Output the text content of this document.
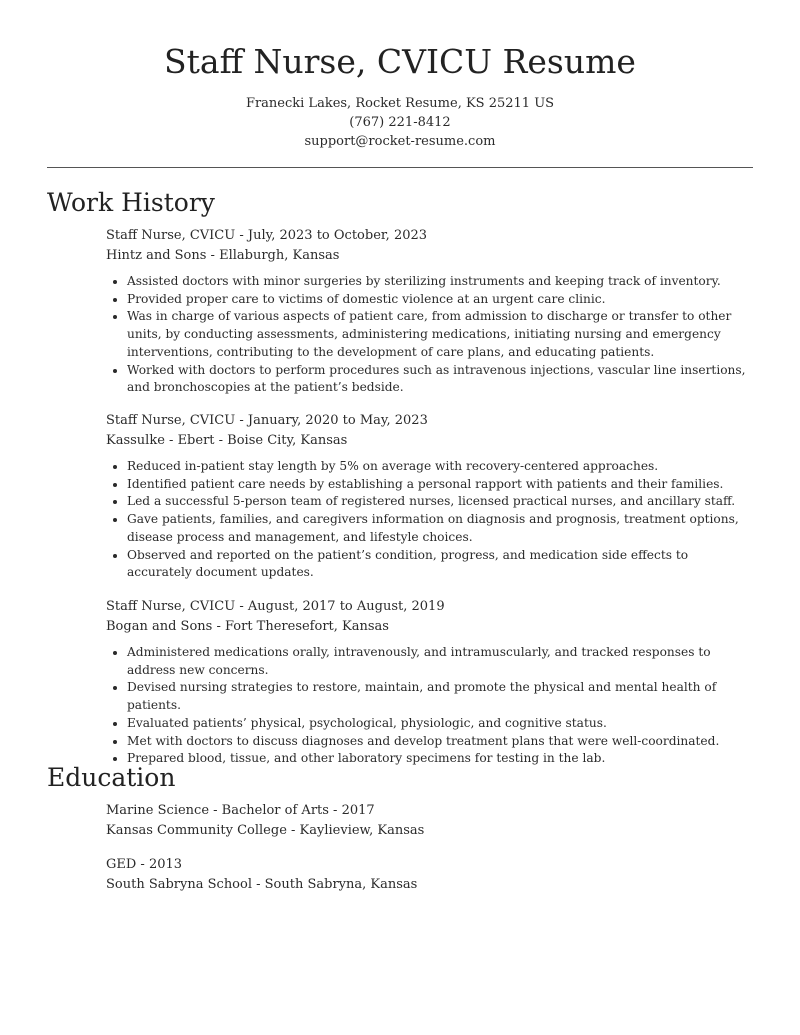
Staff Nurse, CVICU Resume
Franecki Lakes, Rocket Resume, KS 25211 US
(767) 221-8412
support@rocket-resume.com
Work History
Staff Nurse, CVICU - July, 2023 to October, 2023
Hintz and Sons - Ellaburgh, Kansas
Assisted doctors with minor surgeries by sterilizing instruments and keeping track of inventory.
Provided proper care to victims of domestic violence at an urgent care clinic.
Was in charge of various aspects of patient care, from admission to discharge or transfer to other units, by conducting assessments, administering medications, initiating nursing and emergency interventions, contributing to the development of care plans, and educating patients.
Worked with doctors to perform procedures such as intravenous injections, vascular line insertions, and bronchoscopies at the patient’s bedside.
Staff Nurse, CVICU - January, 2020 to May, 2023
Kassulke - Ebert - Boise City, Kansas
Reduced in-patient stay length by 5% on average with recovery-centered approaches.
Identified patient care needs by establishing a personal rapport with patients and their families.
Led a successful 5-person team of registered nurses, licensed practical nurses, and ancillary staff.
Gave patients, families, and caregivers information on diagnosis and prognosis, treatment options, disease process and management, and lifestyle choices.
Observed and reported on the patient’s condition, progress, and medication side effects to accurately document updates.
Staff Nurse, CVICU - August, 2017 to August, 2019
Bogan and Sons - Fort Theresefort, Kansas
Administered medications orally, intravenously, and intramuscularly, and tracked responses to address new concerns.
Devised nursing strategies to restore, maintain, and promote the physical and mental health of patients.
Evaluated patients’ physical, psychological, physiologic, and cognitive status.
Met with doctors to discuss diagnoses and develop treatment plans that were well-coordinated.
Prepared blood, tissue, and other laboratory specimens for testing in the lab.
Education
Marine Science - Bachelor of Arts - 2017
Kansas Community College - Kaylieview, Kansas
GED - 2013
South Sabryna School - South Sabryna, Kansas
